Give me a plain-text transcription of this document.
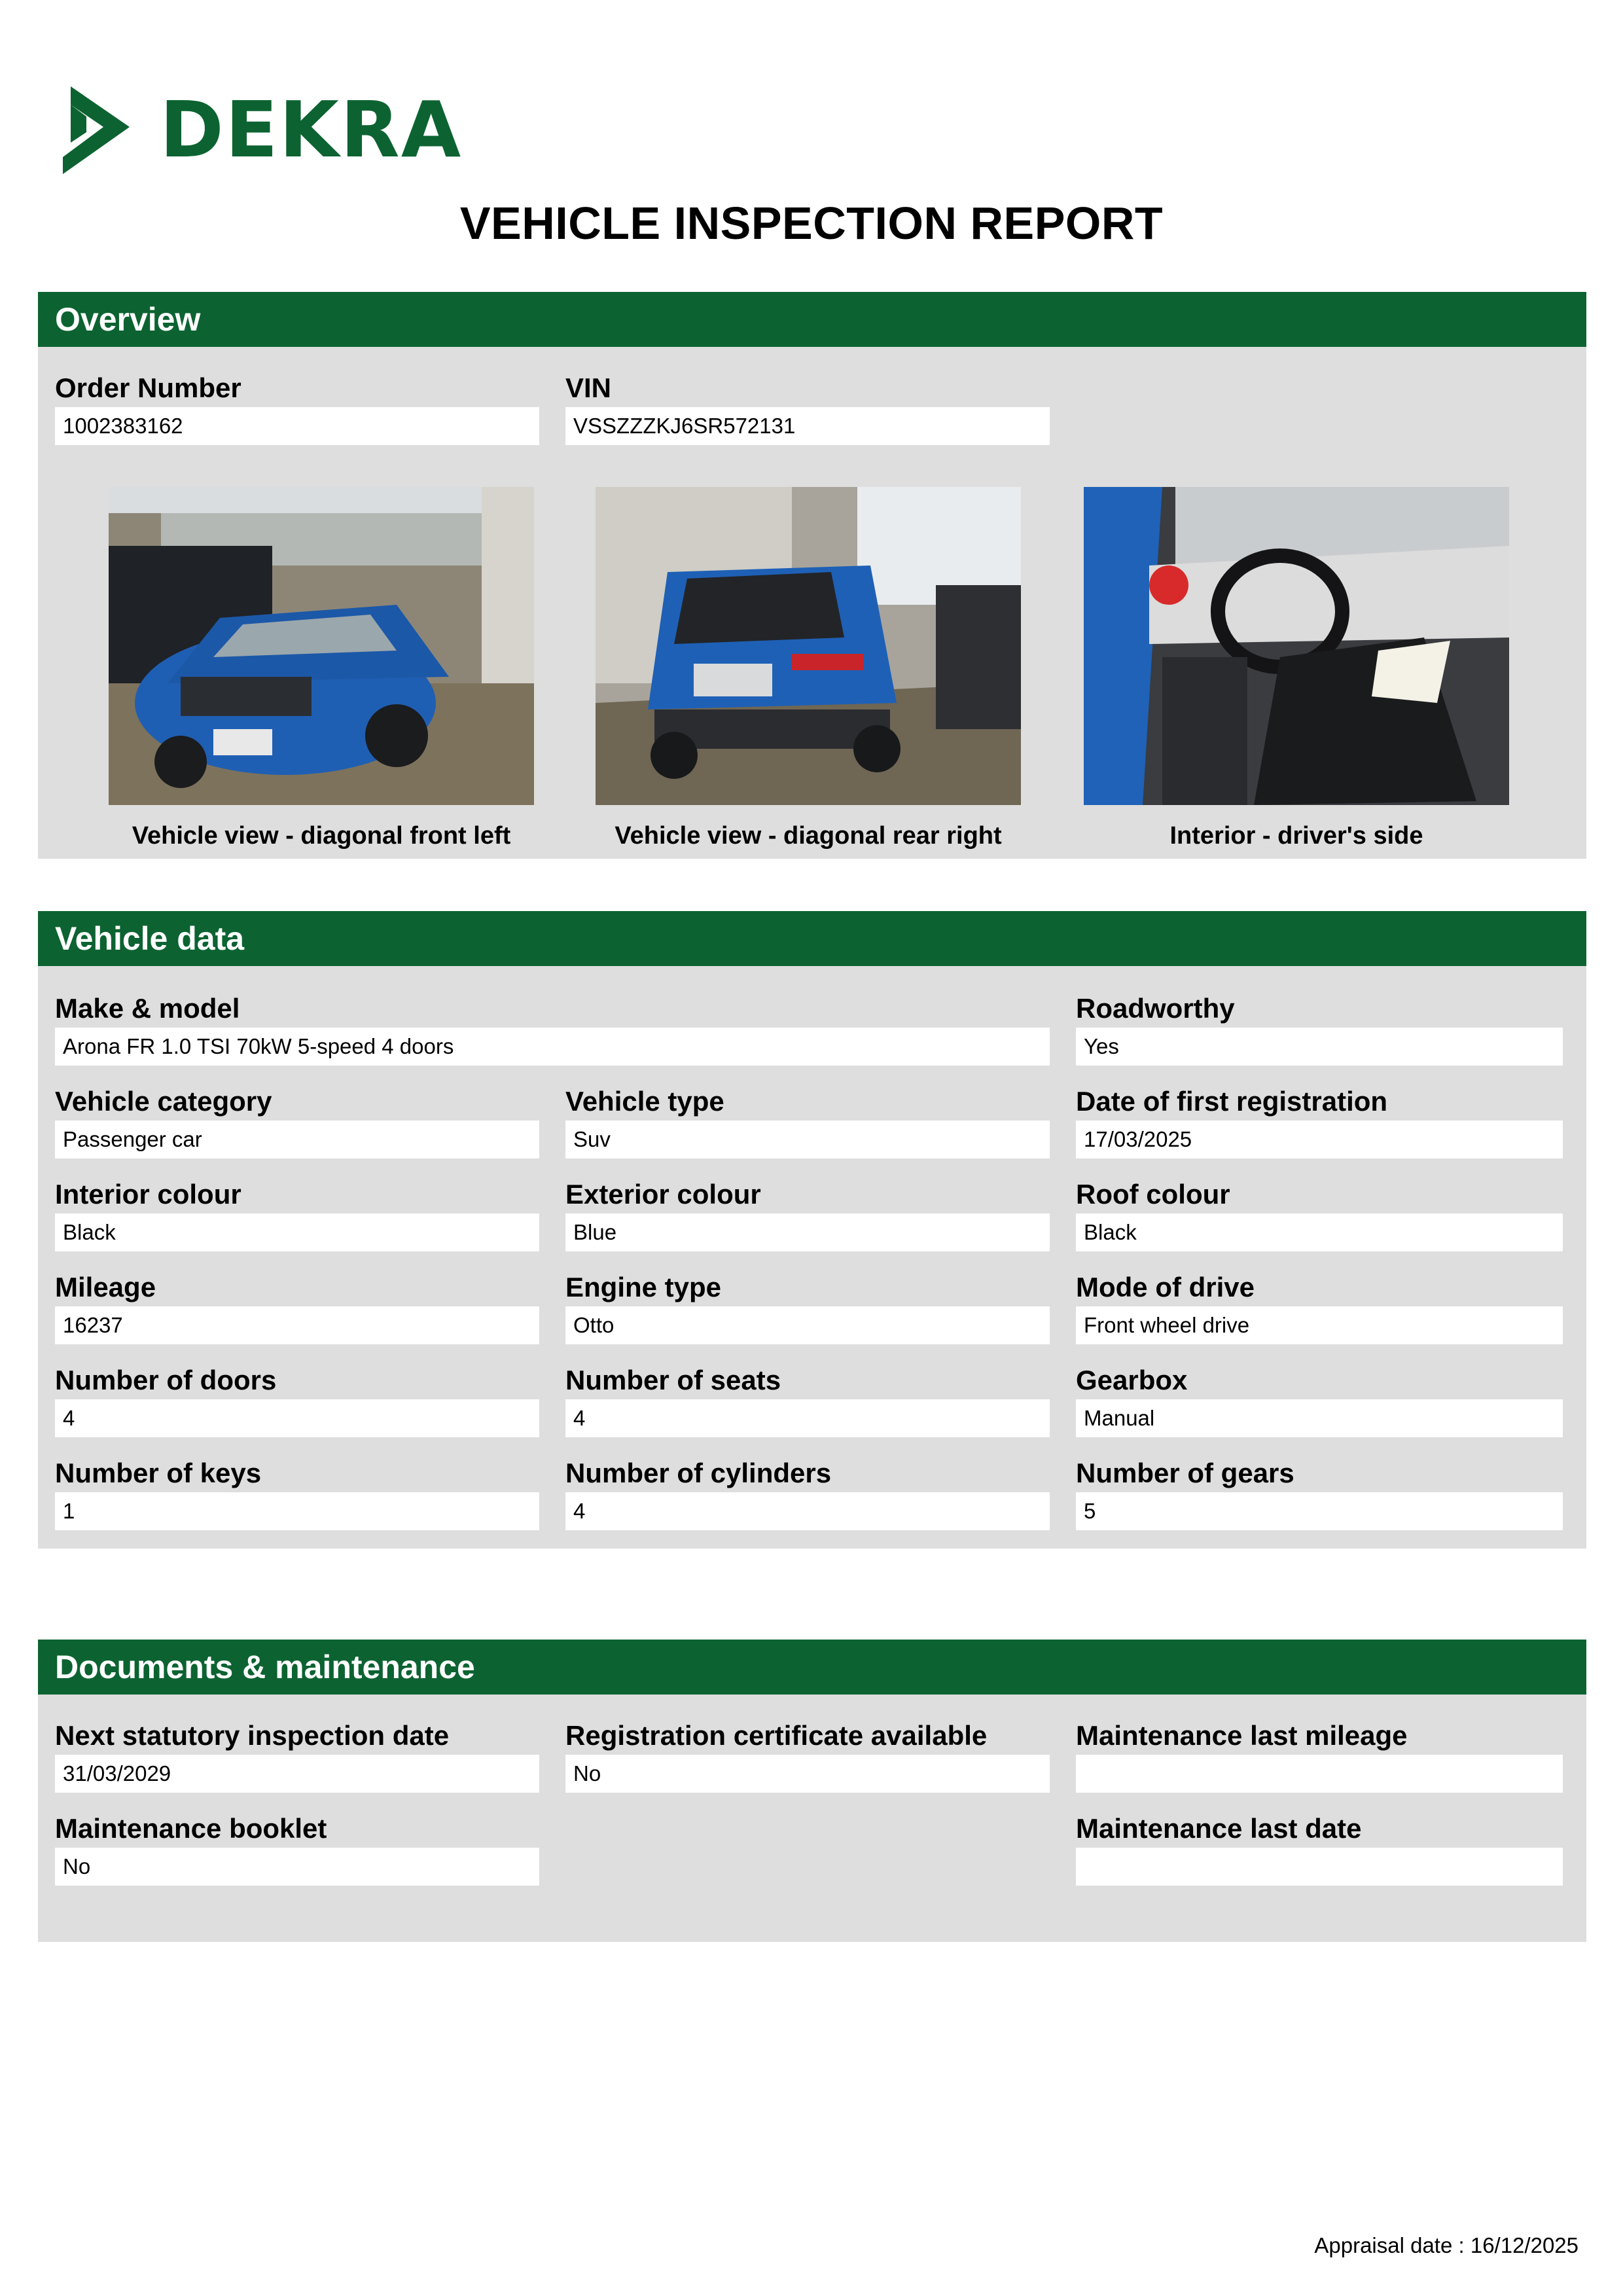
DEKRA
VEHICLE INSPECTION REPORT
Overview
Order Number
1002383162
VIN
VSSZZZKJ6SR572131
Vehicle view - diagonal front left	Vehicle view - diagonal rear right	Interior - driver's side
Vehicle data
Make & model
Arona FR 1.0 TSI 70kW 5-speed 4 doors
Roadworthy
Yes
Vehicle category
Passenger car
Vehicle type
Suv
Date of first registration
17/03/2025
Interior colour
Black
Exterior colour
Blue
Roof colour
Black
Mileage
16237
Engine type
Otto
Mode of drive
Front wheel drive
Number of doors
4
Number of seats
4
Gearbox
Manual
Number of keys
1
Number of cylinders
4
Number of gears
5
Documents & maintenance
Next statutory inspection date
31/03/2029
Registration certificate available
No
Maintenance last mileage
Maintenance booklet
No
Maintenance last date
Appraisal date : 16/12/2025
